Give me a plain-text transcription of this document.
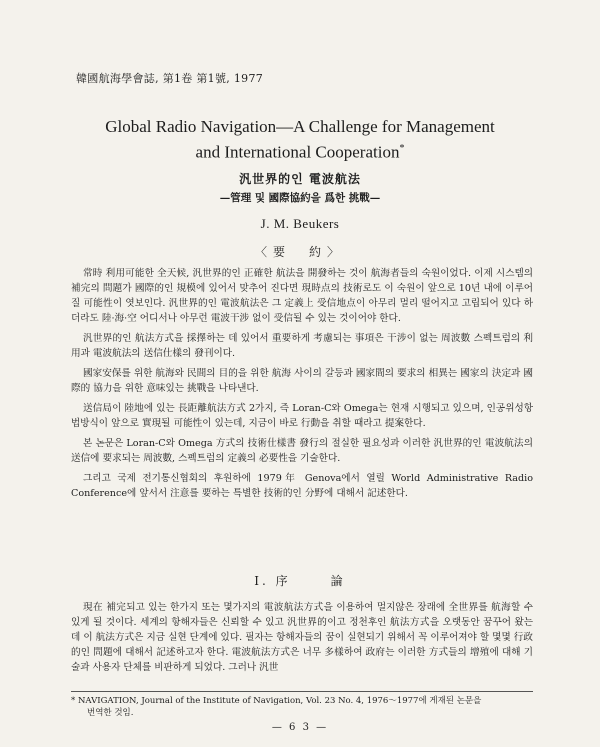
韓國航海學會誌, 第1卷 第1號, 1977
Global Radio Navigation—A Challenge for Management
and International Cooperation*
汎世界的인 電波航法
—管理 및 國際協約을 爲한 挑戰—
J. M. Beukers
〈要　約〉

常時 利用可能한 全天候, 汎世界的인 正確한 航法을 開發하는 것이 航海者들의 숙원이었다. 이제 시스템의 補完의 問題가 國際的인 規模에 있어서 맞추어 진다면 現時点의 技術로도 이 숙원이 앞으로 10년 내에 이루어 질 可能性이 엿보인다. 汎世界的인 電波航法은 그 定義上 受信地点이 아무리 멀리 떨어지고 고립되어 있다 하더라도 陸·海·空 어디서나 아무런 電波干涉 없이 受信될 수 있는 것이어야 한다.

汎世界的인 航法方式을 採擇하는 데 있어서 重要하게 考慮되는 事項은 干涉이 없는 周波數 스펙트럼의 利用과 電波航法의 送信仕樣의 發刊이다.

國家安保를 위한 航海와 民間의 目的을 위한 航海 사이의 갈등과 國家間의 要求의 相異는 國家의 決定과 國際的 協力을 위한 意味있는 挑戰을 나타낸다.

送信局이 陸地에 있는 長距離航法方式 2가지, 즉 Loran-C와 Omega는 현재 시행되고 있으며, 인공위성항법방식이 앞으로 實現될 可能性이 있는데, 지금이 바로 行動을 취할 때라고 提案한다.

본 논문은 Loran-C와 Omega 方式의 技術仕樣書 發行의 절실한 필요성과 이러한 汎世界的인 電波航法의 送信에 要求되는 周波數, 스펙트럼의 定義의 必要性을 기술한다.

그리고 국제 전기통신협회의 후원하에 1979年 Genova에서 열릴 World Administrative Radio Conference에 앞서서 注意를 要하는 특별한 技術的인 分野에 대해서 記述한다.

Ⅰ. 序	論

現在 補完되고 있는 한가지 또는 몇가지의 電波航法方式을 이용하여 멀지않은 장래에 全世界를 航海할 수 있게 될 것이다. 세계의 항해자들은 신뢰할 수 있고 汎世界的이고 정천후인 航法方式을 오랫동안 꿈꾸어 왔는데 이 航法方式은 지금 실현 단계에 있다. 필자는 항해자들의 꿈이 실현되기 위해서 꼭 이루어져야 할 몇몇 行政的인 問題에 대해서 記述하고자 한다. 電波航法方式은 너무 多樣하여 政府는 이러한 方式들의 增殖에 대해 기술과 사용자 단체를 비판하게 되었다. 그러나 汎世

* NAVIGATION, Journal of the Institute of Navigation, Vol. 23 No. 4, 1976～1977에 게재된 논문을
번역한 것임.
— 6 3 —
